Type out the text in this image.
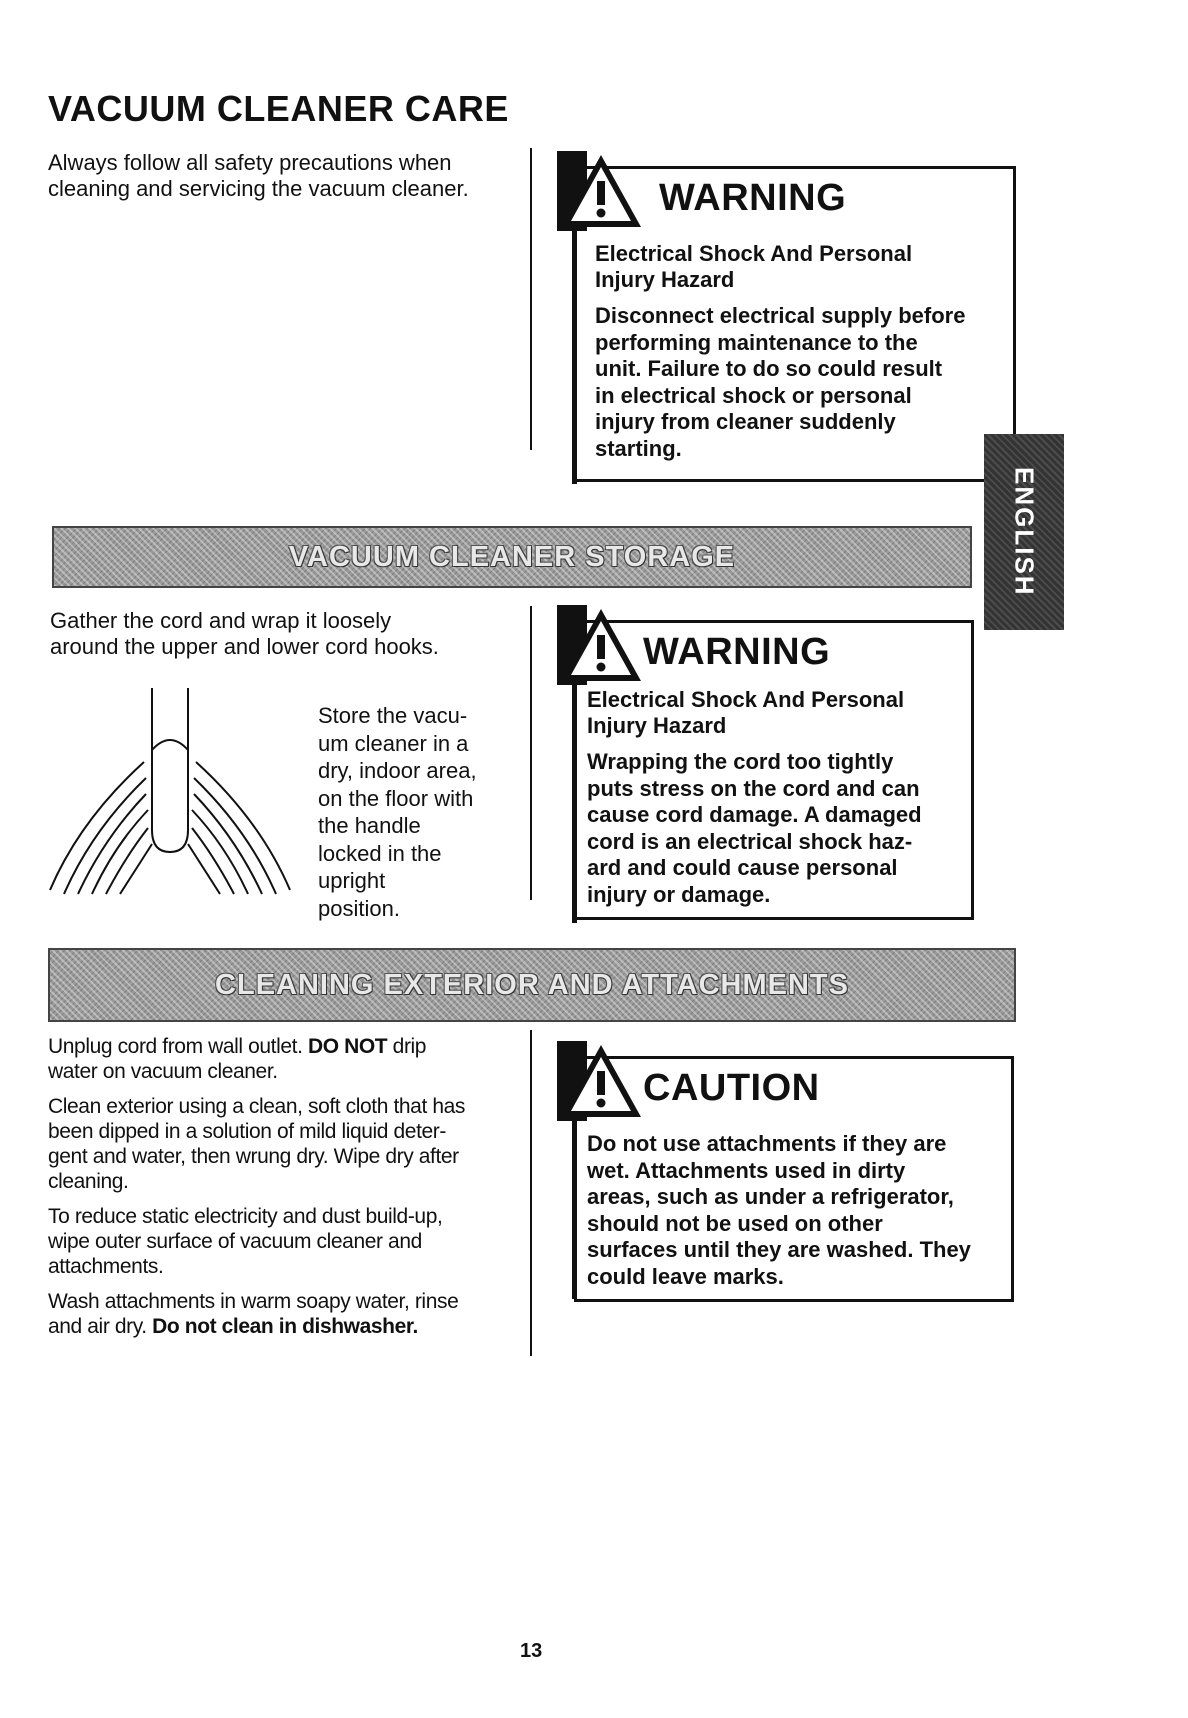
VACUUM CLEANER CARE

Always follow all safety precautions when cleaning and servicing the vacuum cleaner.	WARNING

Electrical Shock And Personal
Injury Hazard

Disconnect electrical supply before
performing maintenance to the
unit. Failure to do so could result
in electrical shock or personal
injury from cleaner suddenly
starting.

ENGLISH
VACUUM CLEANER STORAGE

Gather the cord and wrap it loosely
around the upper and lower cord hooks.

Store the vacu-
um cleaner in a
dry, indoor area,
on the floor with
the handle
locked in the
upright
position.

WARNING

Electrical Shock And Personal
Injury Hazard

Wrapping the cord too tightly
puts stress on the cord and can
cause cord damage. A damaged
cord is an electrical shock haz-
ard and could cause personal
injury or damage.

CLEANING EXTERIOR AND ATTACHMENTS

Unplug cord from wall outlet. DO NOT drip
water on vacuum cleaner.

Clean exterior using a clean, soft cloth that has
been dipped in a solution of mild liquid deter-
gent and water, then wrung dry. Wipe dry after
cleaning.

To reduce static electricity and dust build-up,
wipe outer surface of vacuum cleaner and
attachments.

Wash attachments in warm soapy water, rinse
and air dry. Do not clean in dishwasher.

CAUTION

Do not use attachments if they are
wet. Attachments used in dirty
areas, such as under a refrigerator,
should not be used on other
surfaces until they are washed. They
could leave marks.

13
